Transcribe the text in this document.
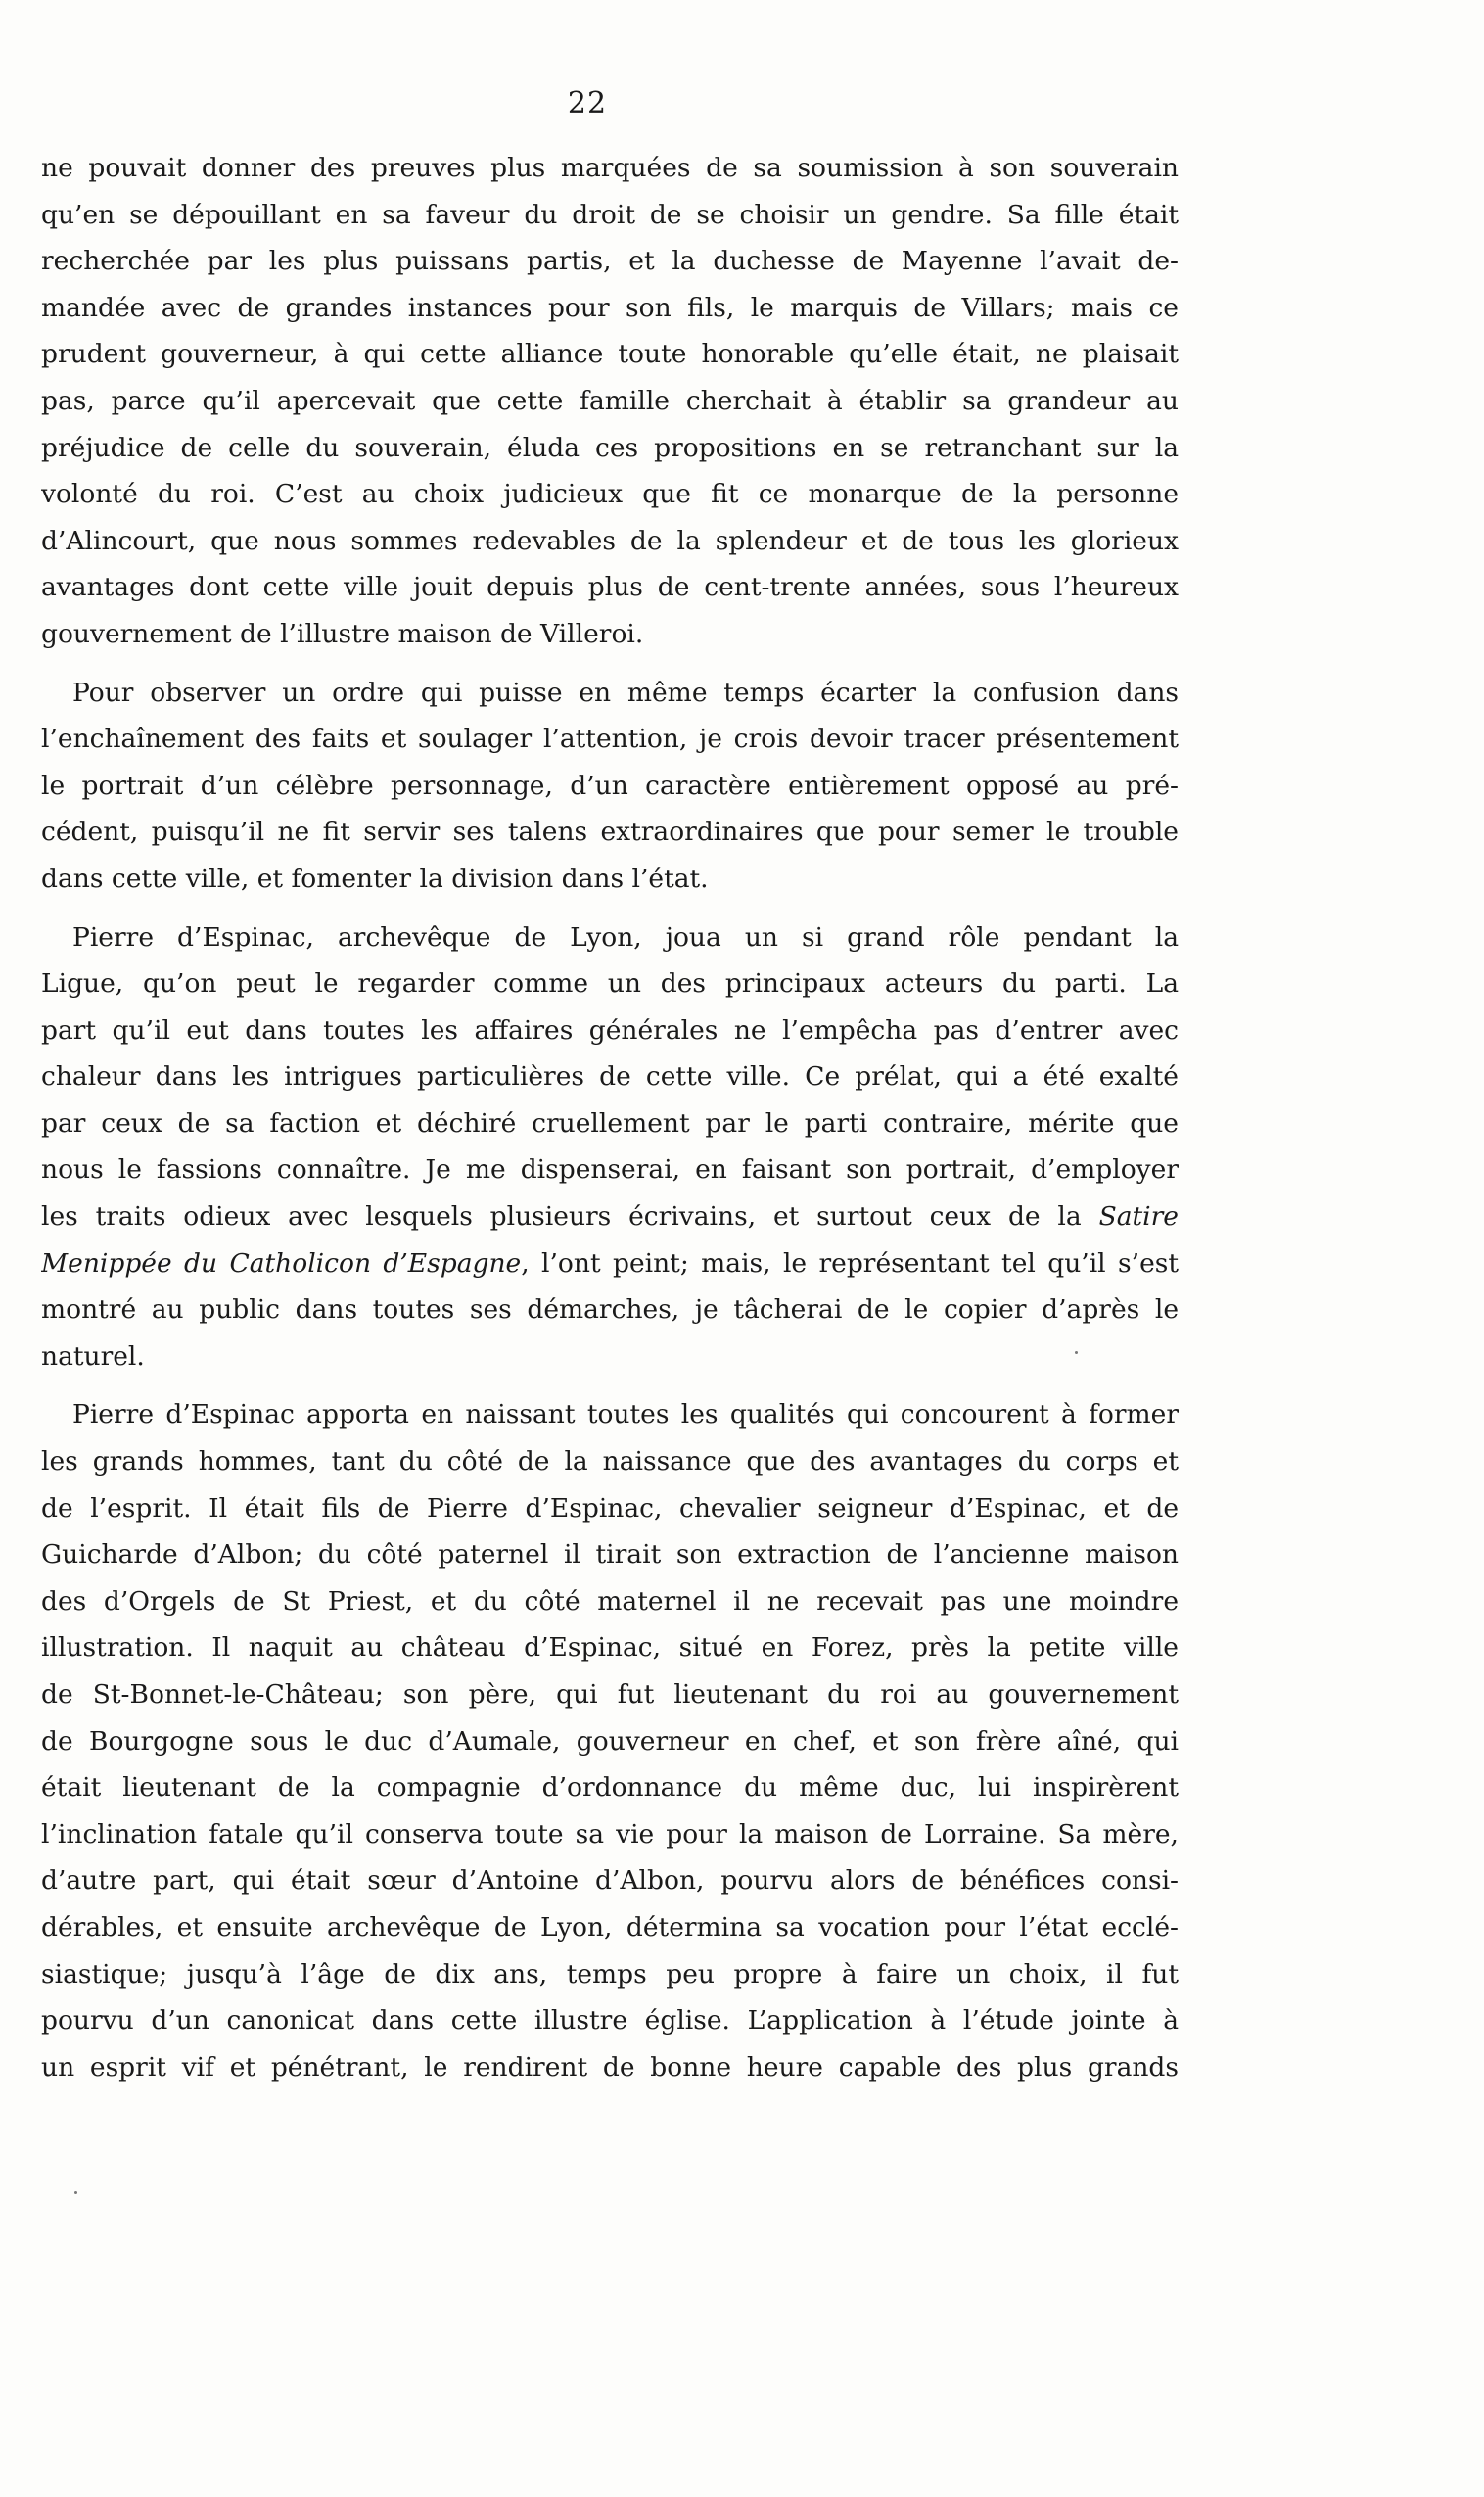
22
ne pouvait donner des preuves plus marquées de sa soumission à son souverain
qu’en se dépouillant en sa faveur du droit de se choisir un gendre. Sa fille était
recherchée par les plus puissans partis, et la duchesse de Mayenne l’avait de-
mandée avec de grandes instances pour son fils, le marquis de Villars; mais ce
prudent gouverneur, à qui cette alliance toute honorable qu’elle était, ne plaisait
pas, parce qu’il apercevait que cette famille cherchait à établir sa grandeur au
préjudice de celle du souverain, éluda ces propositions en se retranchant sur la
volonté du roi. C’est au choix judicieux que fit ce monarque de la personne
d’Alincourt, que nous sommes redevables de la splendeur et de tous les glorieux
avantages dont cette ville jouit depuis plus de cent-trente années, sous l’heureux
gouvernement de l’illustre maison de Villeroi.
Pour observer un ordre qui puisse en même temps écarter la confusion dans
l’enchaînement des faits et soulager l’attention, je crois devoir tracer présentement
le portrait d’un célèbre personnage, d’un caractère entièrement opposé au pré-
cédent, puisqu’il ne fit servir ses talens extraordinaires que pour semer le trouble
dans cette ville, et fomenter la division dans l’état.
Pierre d’Espinac, archevêque de Lyon, joua un si grand rôle pendant la
Ligue, qu’on peut le regarder comme un des principaux acteurs du parti. La
part qu’il eut dans toutes les affaires générales ne l’empêcha pas d’entrer avec
chaleur dans les intrigues particulières de cette ville. Ce prélat, qui a été exalté
par ceux de sa faction et déchiré cruellement par le parti contraire, mérite que
nous le fassions connaître. Je me dispenserai, en faisant son portrait, d’employer
les traits odieux avec lesquels plusieurs écrivains, et surtout ceux de la Satire
Menippée du Catholicon d’Espagne, l’ont peint; mais, le représentant tel qu’il s’est
montré au public dans toutes ses démarches, je tâcherai de le copier d’après le
naturel.
Pierre d’Espinac apporta en naissant toutes les qualités qui concourent à former
les grands hommes, tant du côté de la naissance que des avantages du corps et
de l’esprit. Il était fils de Pierre d’Espinac, chevalier seigneur d’Espinac, et de
Guicharde d’Albon; du côté paternel il tirait son extraction de l’ancienne maison
des d’Orgels de St Priest, et du côté maternel il ne recevait pas une moindre
illustration. Il naquit au château d’Espinac, situé en Forez, près la petite ville
de St-Bonnet-le-Château; son père, qui fut lieutenant du roi au gouvernement
de Bourgogne sous le duc d’Aumale, gouverneur en chef, et son frère aîné, qui
était lieutenant de la compagnie d’ordonnance du même duc, lui inspirèrent
l’inclination fatale qu’il conserva toute sa vie pour la maison de Lorraine. Sa mère,
d’autre part, qui était sœur d’Antoine d’Albon, pourvu alors de bénéfices consi-
dérables, et ensuite archevêque de Lyon, détermina sa vocation pour l’état ecclé-
siastique; jusqu’à l’âge de dix ans, temps peu propre à faire un choix, il fut
pourvu d’un canonicat dans cette illustre église. L’application à l’étude jointe à
un esprit vif et pénétrant, le rendirent de bonne heure capable des plus grands
